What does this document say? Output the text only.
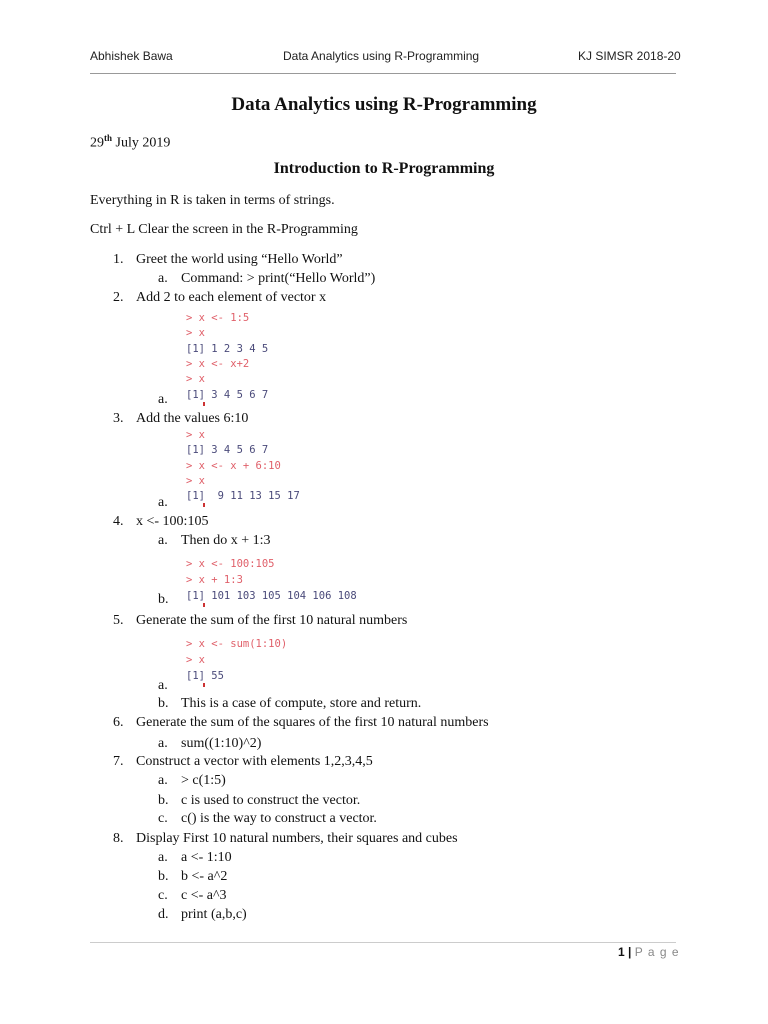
Abhishek Bawa	Data Analytics using R-Programming	KJ SIMSR 2018-20
Data Analytics using R-Programming
29th July 2019
Introduction to R-Programming
Everything in R is taken in terms of strings.
Ctrl + L Clear the screen in the R-Programming
1. Greet the world using “Hello World”
a. Command: > print(“Hello World”)
2. Add 2 to each element of vector x
a.
> x <- 1:5
> x
[1] 1 2 3 4 5
> x <- x+2
> x
[1] 3 4 5 6 7
3. Add the values 6:10
a.
> x
[1] 3 4 5 6 7
> x <- x + 6:10
> x
[1]  9 11 13 15 17
4. x <- 100:105
a. Then do x + 1:3
b.
> x <- 100:105
> x + 1:3
[1] 101 103 105 104 106 108
5. Generate the sum of the first 10 natural numbers
a.
b. This is a case of compute, store and return.
> x <- sum(1:10)
> x
[1] 55
6. Generate the sum of the squares of the first 10 natural numbers
a. sum((1:10)^2)
7. Construct a vector with elements 1,2,3,4,5
a. > c(1:5)
b. c is used to construct the vector.
c. c() is the way to construct a vector.
8. Display First 10 natural numbers, their squares and cubes
a. a <- 1:10
b. b <- a^2
c. c <- a^3
d. print (a,b,c)
1 | P a g e
